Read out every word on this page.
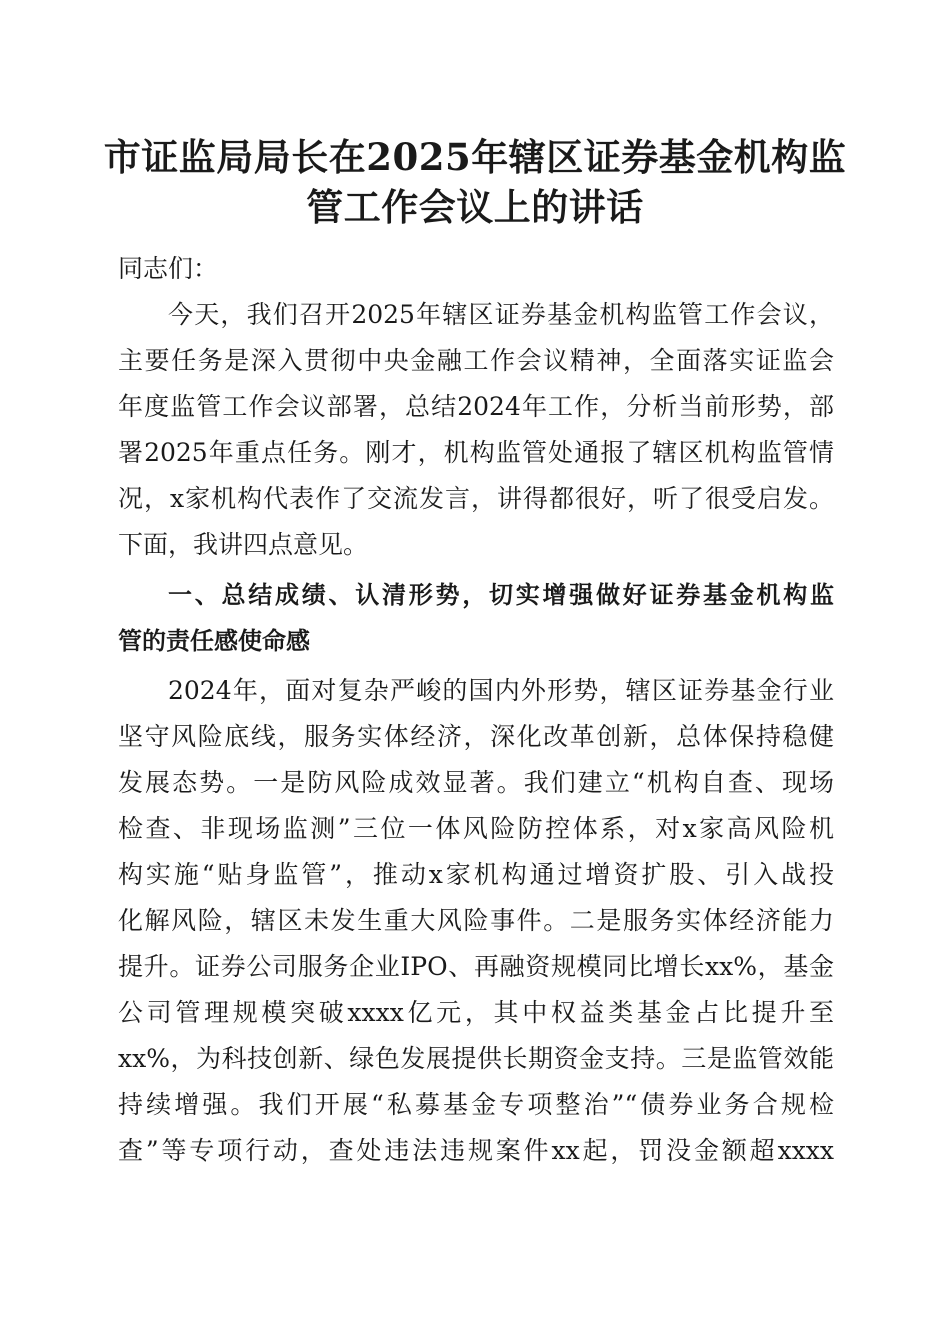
市证监局局长在2025年辖区证券基金机构监
管工作会议上的讲话
同志们：
今天，我们召开2025年辖区证券基金机构监管工作会议，
主要任务是深入贯彻中央金融工作会议精神，全面落实证监会
年度监管工作会议部署，总结2024年工作，分析当前形势，部
署2025年重点任务。刚才，机构监管处通报了辖区机构监管情
况，x家机构代表作了交流发言，讲得都很好，听了很受启发。
下面，我讲四点意见。
一、总结成绩、认清形势，切实增强做好证券基金机构监
管的责任感使命感
2024年，面对复杂严峻的国内外形势，辖区证券基金行业
坚守风险底线，服务实体经济，深化改革创新，总体保持稳健
发展态势。一是防风险成效显著。我们建立“机构自查、现场
检查、非现场监测”三位一体风险防控体系，对x家高风险机
构实施“贴身监管”，推动x家机构通过增资扩股、引入战投
化解风险，辖区未发生重大风险事件。二是服务实体经济能力
提升。证券公司服务企业IPO、再融资规模同比增长xx%，基金
公司管理规模突破xxxx亿元，其中权益类基金占比提升至
xx%，为科技创新、绿色发展提供长期资金支持。三是监管效能
持续增强。我们开展“私募基金专项整治”“债券业务合规检
查”等专项行动，查处违法违规案件xx起，罚没金额超xxxx
